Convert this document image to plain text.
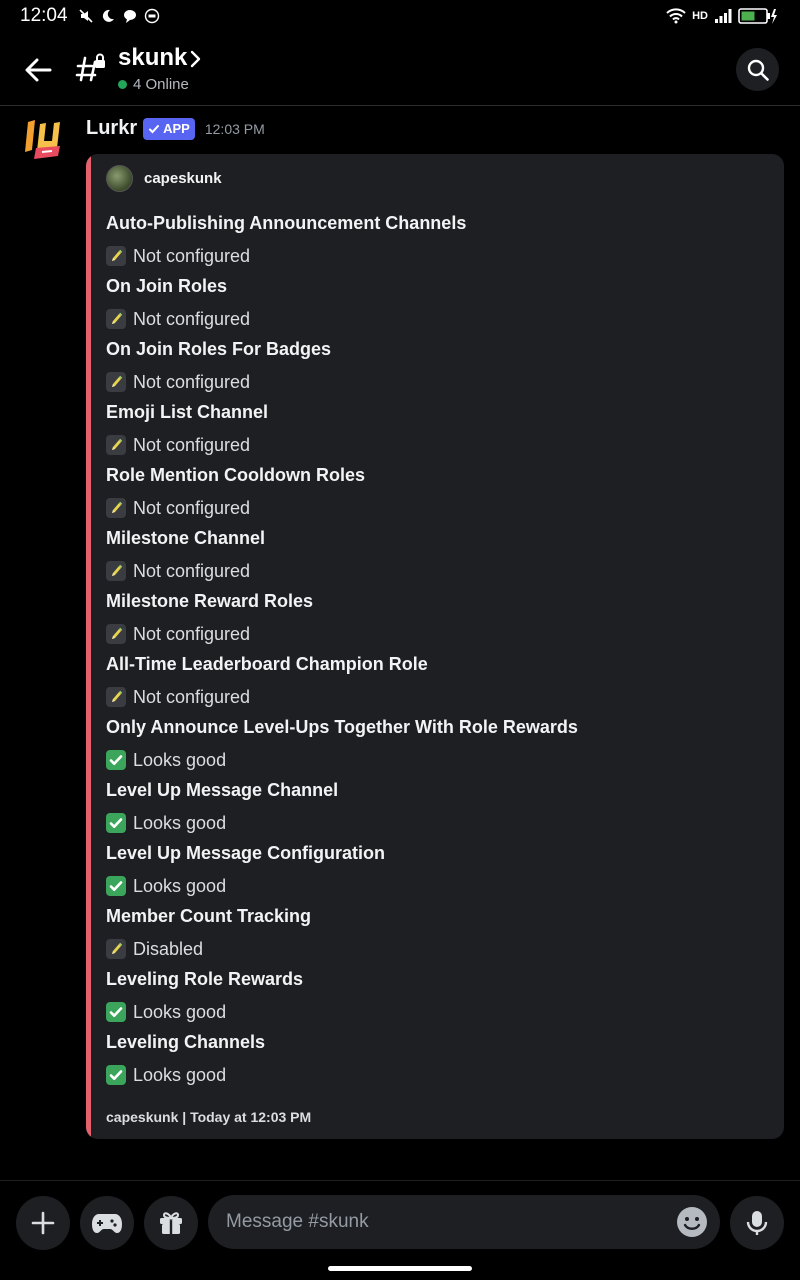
12:04	HD
skunk
4 Online
Lurkr APP 12:03 PM
capeskunk
Auto-Publishing Announcement Channels
Not configured
On Join Roles
Not configured
On Join Roles For Badges
Not configured
Emoji List Channel
Not configured
Role Mention Cooldown Roles
Not configured
Milestone Channel
Not configured
Milestone Reward Roles
Not configured
All-Time Leaderboard Champion Role
Not configured
Only Announce Level-Ups Together With Role Rewards
Looks good
Level Up Message Channel
Looks good
Level Up Message Configuration
Looks good
Member Count Tracking
Disabled
Leveling Role Rewards
Looks good
Leveling Channels
Looks good
capeskunk | Today at 12:03 PM
Message #skunk
